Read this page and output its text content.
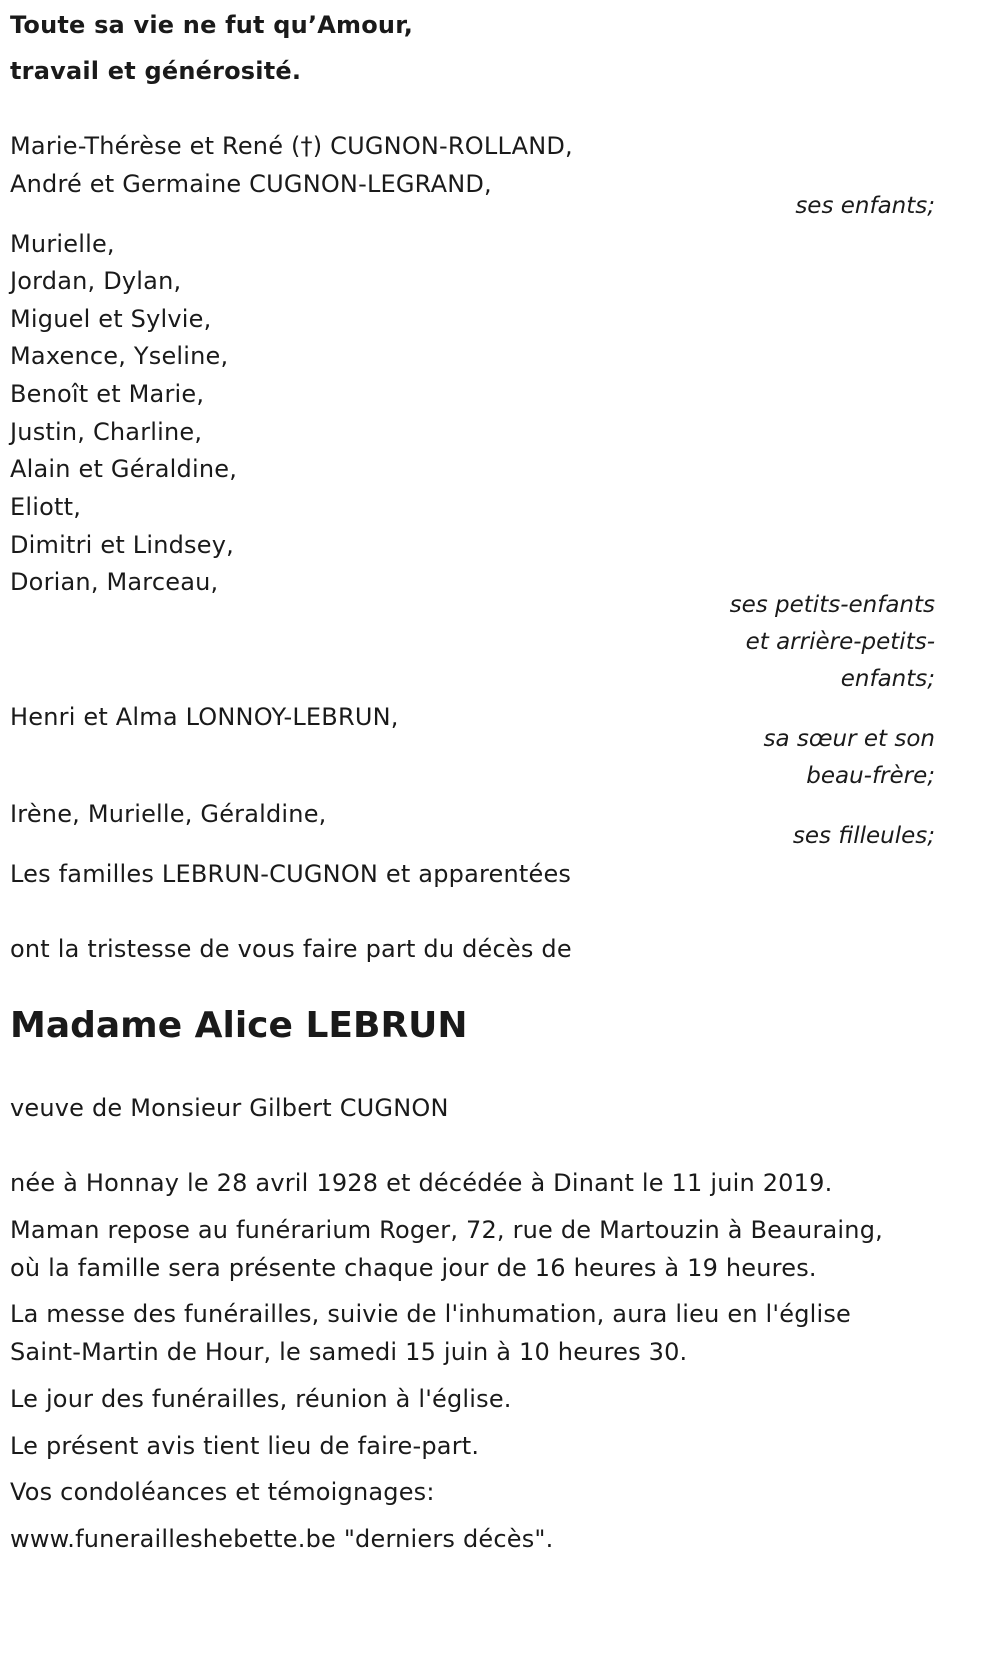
Toute sa vie ne fut qu’Amour,
travail et générosité.
Marie-Thérèse et René (†) CUGNON-ROLLAND,
André et Germaine CUGNON-LEGRAND,
ses enfants;
Murielle,
Jordan, Dylan,
Miguel et Sylvie,
Maxence, Yseline,
Benoît et Marie,
Justin, Charline,
Alain et Géraldine,
Eliott,
Dimitri et Lindsey,
Dorian, Marceau,
ses petits-enfants
et arrière-petits-
enfants;
Henri et Alma LONNOY-LEBRUN,
sa sœur et son
beau-frère;
Irène, Murielle, Géraldine,
ses filleules;
Les familles LEBRUN-CUGNON et apparentées
ont la tristesse de vous faire part du décès de
Madame Alice LEBRUN
veuve de Monsieur Gilbert CUGNON
née à Honnay le 28 avril 1928 et décédée à Dinant le 11 juin 2019.
Maman repose au funérarium Roger, 72, rue de Martouzin à Beauraing,
où la famille sera présente chaque jour de 16 heures à 19 heures.
La messe des funérailles, suivie de l'inhumation, aura lieu en l'église
Saint-Martin de Hour, le samedi 15 juin à 10 heures 30.
Le jour des funérailles, réunion à l'église.
Le présent avis tient lieu de faire-part.
Vos condoléances et témoignages:
www.funerailleshebette.be "derniers décès".
